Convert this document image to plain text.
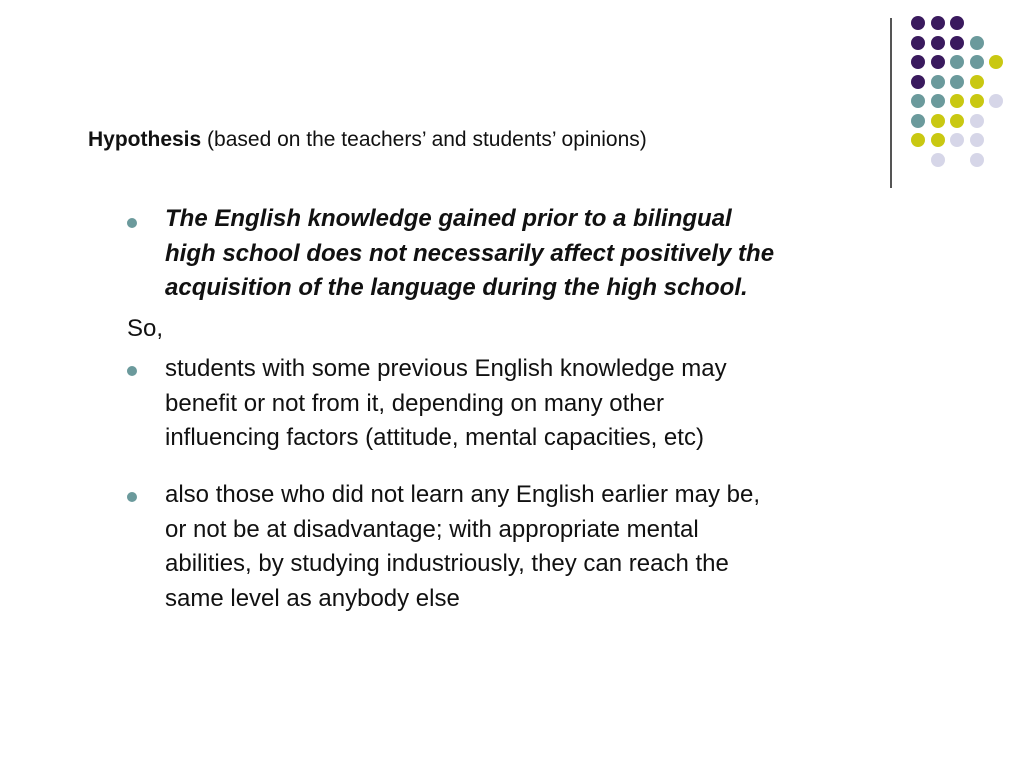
Hypothesis (based on the teachers’ and students’ opinions)
The English knowledge gained prior to a bilingual
high school does not necessarily affect positively the
acquisition of the language during the high school.
So,
students with some previous English knowledge may
benefit or not from it, depending on many other
influencing factors (attitude, mental capacities, etc)
also those who did not learn any English earlier may be,
or not be at disadvantage; with appropriate mental
abilities, by studying industriously, they can reach the
same level as anybody else
